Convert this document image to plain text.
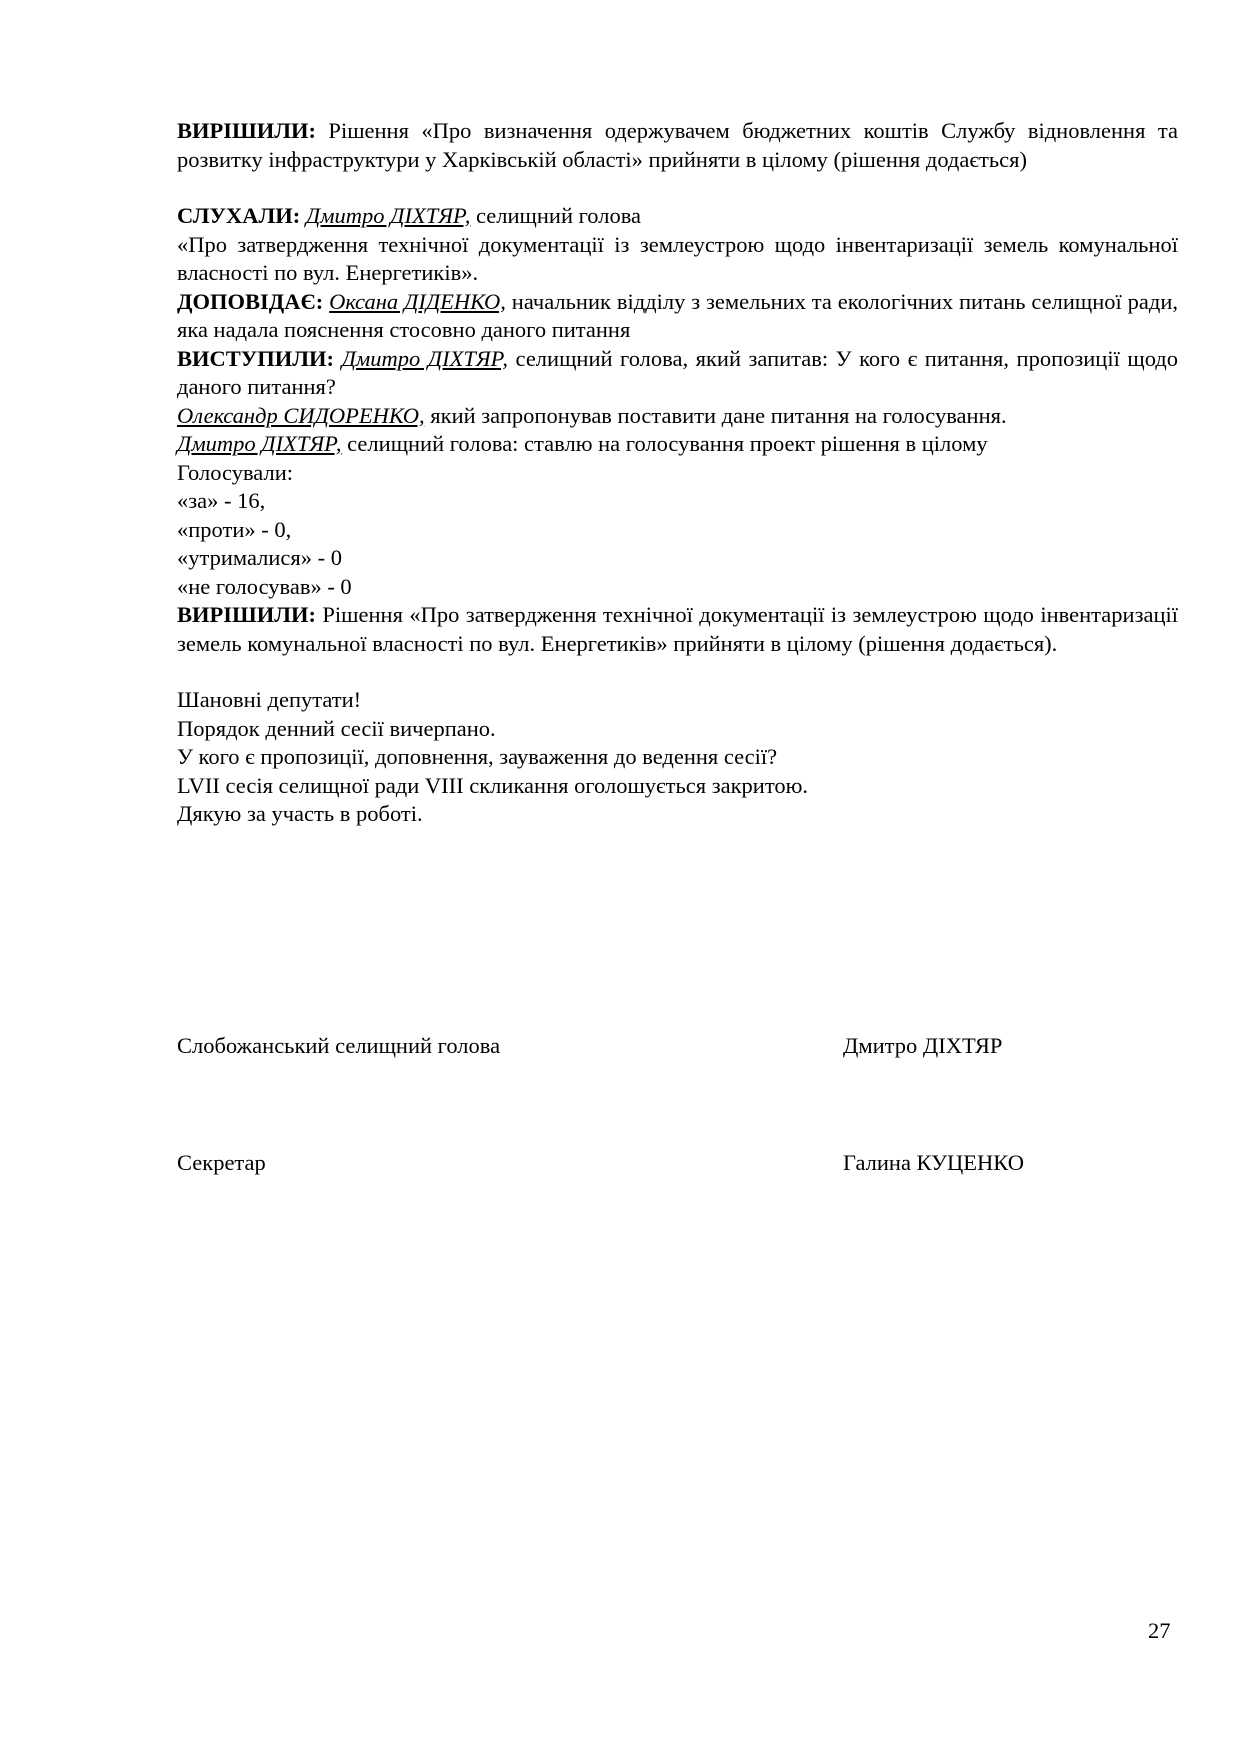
ВИРІШИЛИ: Рішення «Про визначення одержувачем бюджетних коштів Службу відновлення та розвитку інфраструктури у Харківській області» прийняти в цілому (рішення додається)

СЛУХАЛИ: Дмитро ДІХТЯР, селищний голова

«Про затвердження технічної документації із землеустрою щодо інвентаризації земель комунальної власності по вул. Енергетиків».

ДОПОВІДАЄ: Оксана ДІДЕНКО, начальник відділу з земельних та екологічних питань селищної ради, яка надала пояснення стосовно даного питання

ВИСТУПИЛИ: Дмитро ДІХТЯР, селищний голова, який запитав: У кого є питання, пропозиції щодо даного питання?

Олександр СИДОРЕНКО, який запропонував поставити дане питання на голосування.

Дмитро ДІХТЯР, селищний голова: ставлю на голосування проект рішення в цілому

Голосували:

«за» - 16,

«проти» - 0,

«утрималися» - 0

«не голосував» - 0

ВИРІШИЛИ: Рішення «Про затвердження технічної документації із землеустрою щодо інвентаризації земель комунальної власності по вул. Енергетиків» прийняти в цілому (рішення додається).

Шановні депутати!

Порядок денний сесії вичерпано.

У кого є пропозиції, доповнення, зауваження до ведення сесії?

LVII сесія селищної ради VIII скликання оголошується закритою.

Дякую за участь в роботі.

Слобожанський селищний голова	Дмитро ДІХТЯР
Секретар	Галина КУЦЕНКО
27
